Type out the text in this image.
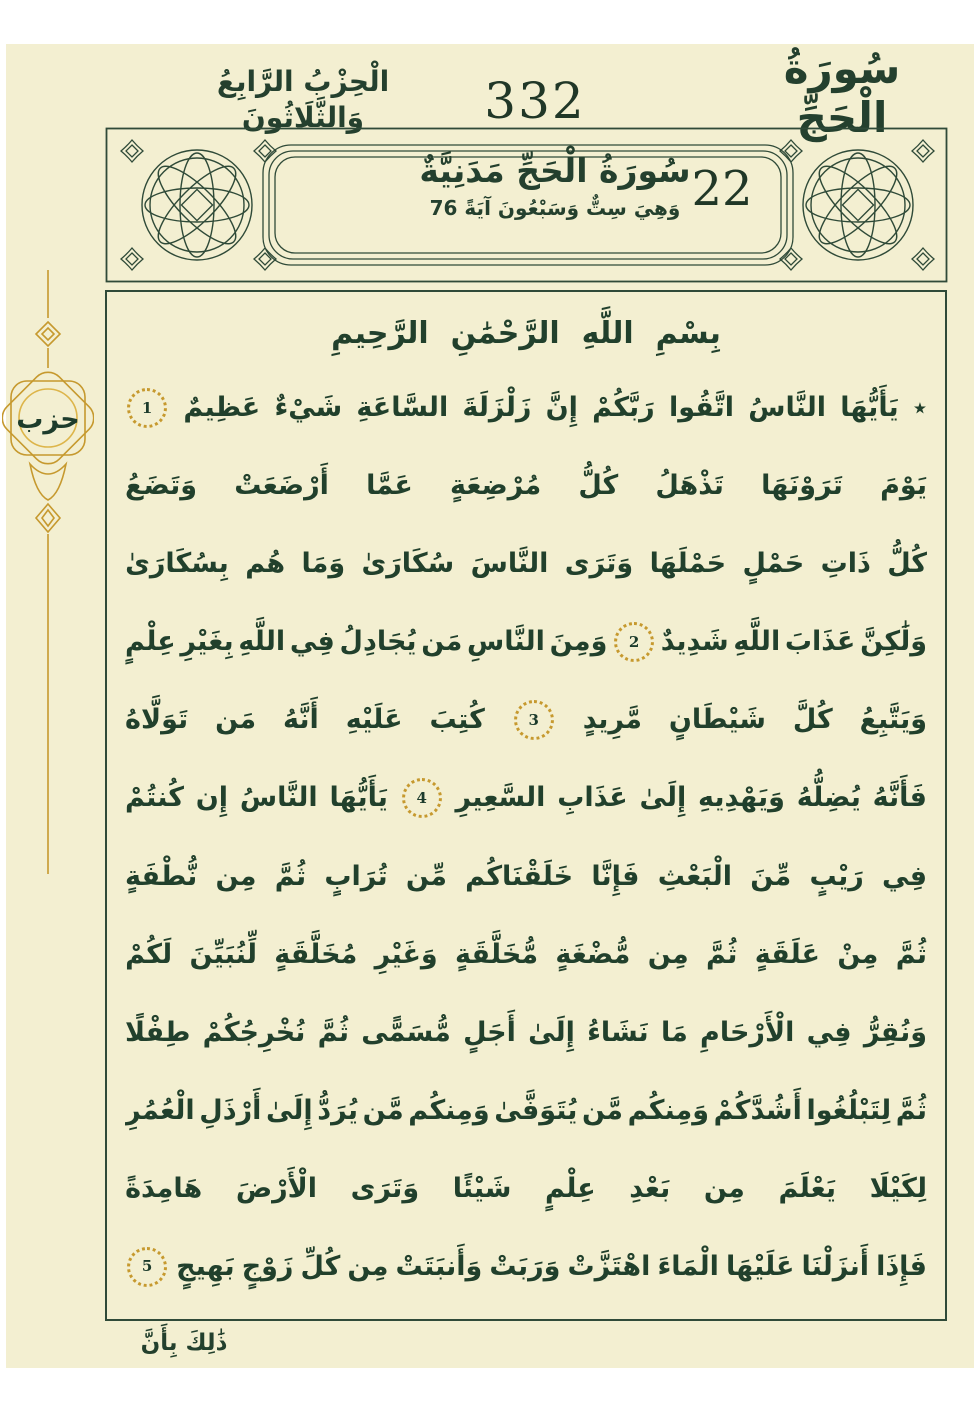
الْحِزْبُ الرَّابِعُ وَالثَّلَاثُونَ	332
سُورَةُ الْحَجِّ
سُورَةُ الْحَجِّ مَدَنِيَّةٌ
وَهِيَ سِتٌّ وَسَبْعُونَ آيَةً 76 22
بِسْمِ
اللَّهِ
الرَّحْمَٰنِ
الرَّحِيمِ
٭
يَأَيُّهَا
النَّاسُ
اتَّقُوا
رَبَّكُمْ
إِنَّ
زَلْزَلَةَ
السَّاعَةِ
شَيْءٌ
عَظِيمٌ
1
يَوْمَ
تَرَوْنَهَا
تَذْهَلُ
كُلُّ
مُرْضِعَةٍ
عَمَّا
أَرْضَعَتْ
وَتَضَعُ
كُلُّ
ذَاتِ
حَمْلٍ
حَمْلَهَا
وَتَرَى
النَّاسَ
سُكَارَىٰ
وَمَا
هُم
بِسُكَارَىٰ
وَلَٰكِنَّ
عَذَابَ
اللَّهِ
شَدِيدٌ
2
وَمِنَ
النَّاسِ
مَن
يُجَادِلُ
فِي
اللَّهِ
بِغَيْرِ
عِلْمٍ
وَيَتَّبِعُ
كُلَّ
شَيْطَانٍ
مَّرِيدٍ
3
كُتِبَ
عَلَيْهِ
أَنَّهُ
مَن
تَوَلَّاهُ
فَأَنَّهُ
يُضِلُّهُ
وَيَهْدِيهِ
إِلَىٰ
عَذَابِ
السَّعِيرِ
4
يَأَيُّهَا
النَّاسُ
إِن
كُنتُمْ
فِي
رَيْبٍ
مِّنَ
الْبَعْثِ
فَإِنَّا
خَلَقْنَاكُم
مِّن
تُرَابٍ
ثُمَّ
مِن
نُّطْفَةٍ
ثُمَّ
مِنْ
عَلَقَةٍ
ثُمَّ
مِن
مُّضْغَةٍ
مُّخَلَّقَةٍ
وَغَيْرِ
مُخَلَّقَةٍ
لِّنُبَيِّنَ
لَكُمْ
وَنُقِرُّ
فِي
الْأَرْحَامِ
مَا
نَشَاءُ
إِلَىٰ
أَجَلٍ
مُّسَمًّى
ثُمَّ
نُخْرِجُكُمْ
طِفْلًا
ثُمَّ
لِتَبْلُغُوا
أَشُدَّكُمْ
وَمِنكُم
مَّن
يُتَوَفَّىٰ
وَمِنكُم
مَّن
يُرَدُّ
إِلَىٰ
أَرْذَلِ
الْعُمُرِ
لِكَيْلَا
يَعْلَمَ
مِن
بَعْدِ
عِلْمٍ
شَيْئًا
وَتَرَى
الْأَرْضَ
هَامِدَةً
فَإِذَا
أَنزَلْنَا
عَلَيْهَا
الْمَاءَ
اهْتَزَّتْ
وَرَبَتْ
وَأَنبَتَتْ
مِن
كُلِّ
زَوْجٍ
بَهِيجٍ
5
حزب
ذَٰلِكَ بِأَنَّ
